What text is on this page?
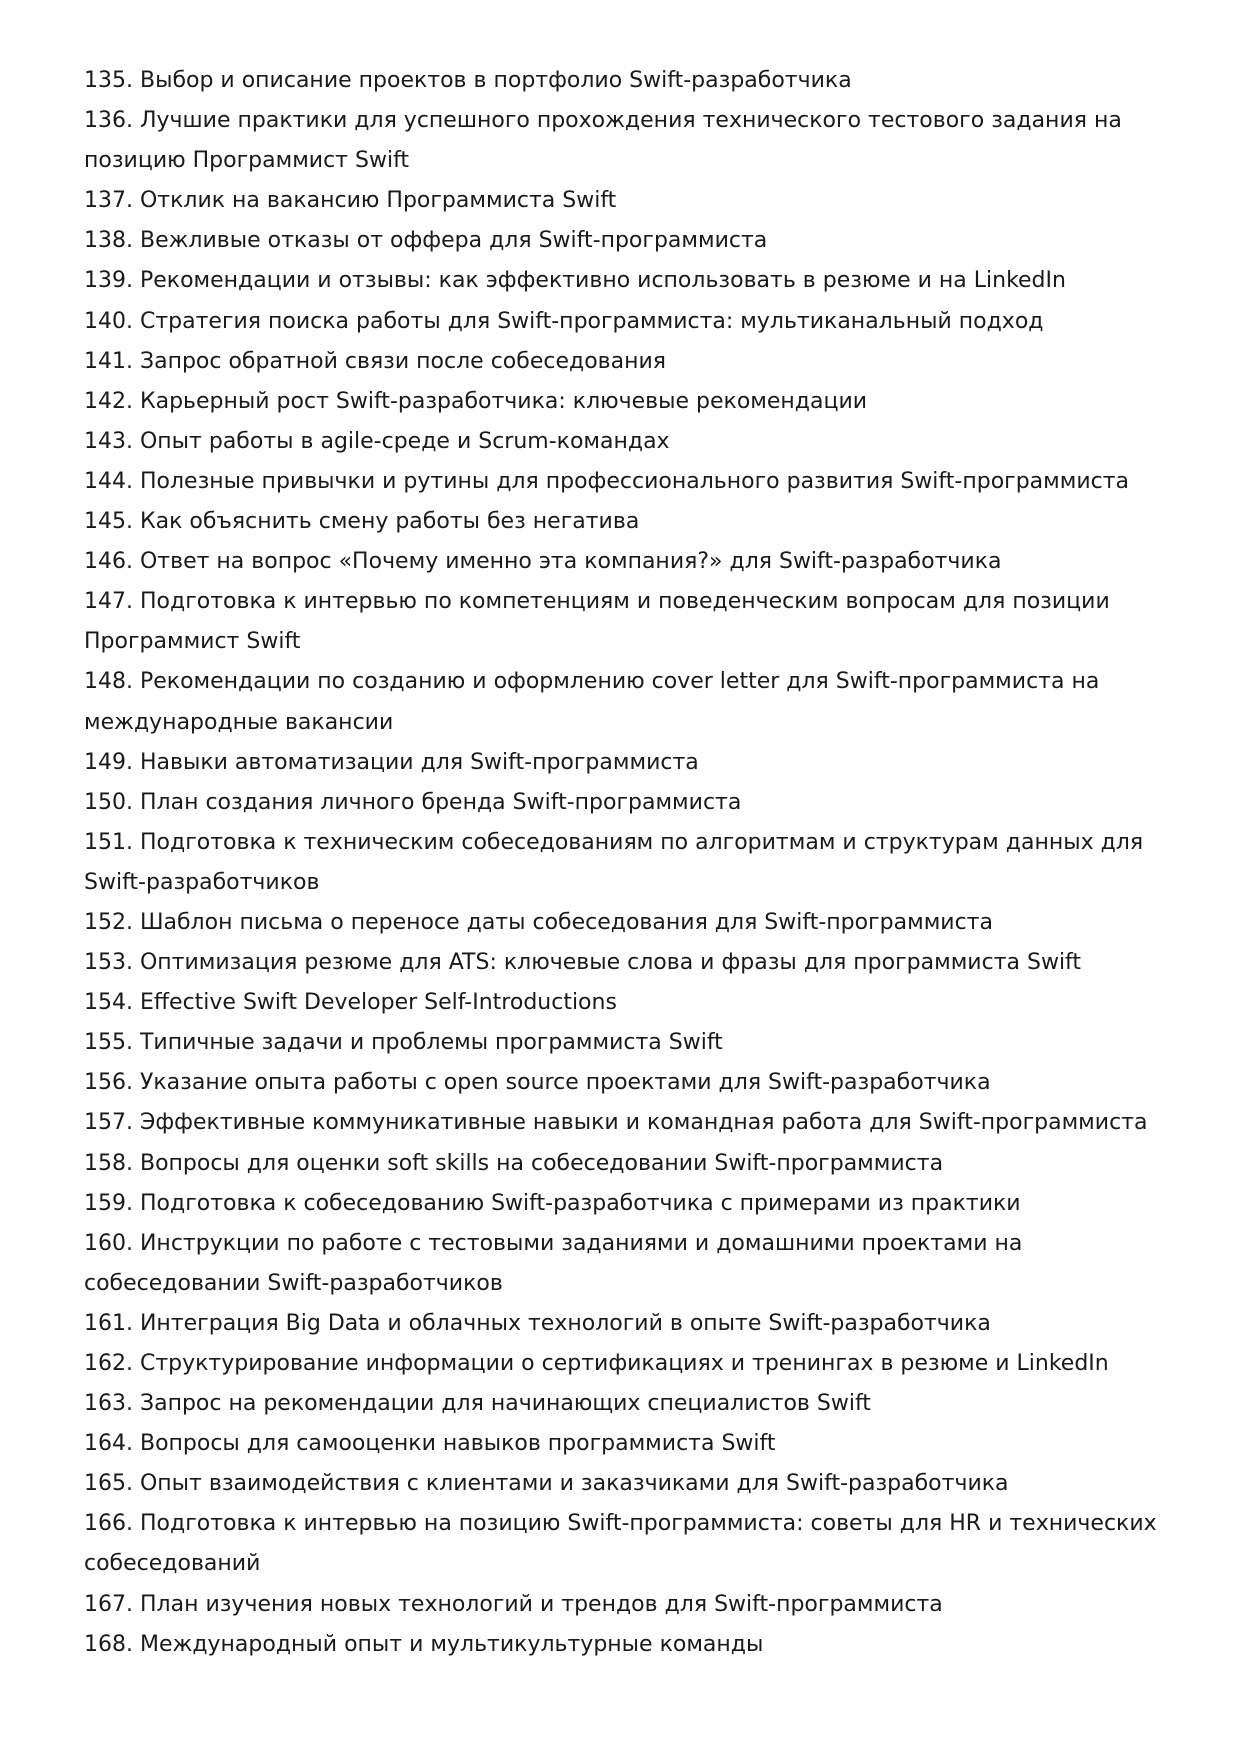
135. Выбор и описание проектов в портфолио Swift-разработчика
136. Лучшие практики для успешного прохождения технического тестового задания на позицию Программист Swift
137. Отклик на вакансию Программиста Swift
138. Вежливые отказы от оффера для Swift-программиста
139. Рекомендации и отзывы: как эффективно использовать в резюме и на LinkedIn
140. Стратегия поиска работы для Swift-программиста: мультиканальный подход
141. Запрос обратной связи после собеседования
142. Карьерный рост Swift-разработчика: ключевые рекомендации
143. Опыт работы в agile-среде и Scrum-командах
144. Полезные привычки и рутины для профессионального развития Swift-программиста
145. Как объяснить смену работы без негатива
146. Ответ на вопрос «Почему именно эта компания?» для Swift-разработчика
147. Подготовка к интервью по компетенциям и поведенческим вопросам для позиции Программист Swift
148. Рекомендации по созданию и оформлению cover letter для Swift-программиста на международные вакансии
149. Навыки автоматизации для Swift-программиста
150. План создания личного бренда Swift-программиста
151. Подготовка к техническим собеседованиям по алгоритмам и структурам данных для Swift-разработчиков
152. Шаблон письма о переносе даты собеседования для Swift-программиста
153. Оптимизация резюме для ATS: ключевые слова и фразы для программиста Swift
154. Effective Swift Developer Self-Introductions
155. Типичные задачи и проблемы программиста Swift
156. Указание опыта работы с open source проектами для Swift-разработчика
157. Эффективные коммуникативные навыки и командная работа для Swift-программиста
158. Вопросы для оценки soft skills на собеседовании Swift-программиста
159. Подготовка к собеседованию Swift-разработчика с примерами из практики
160. Инструкции по работе с тестовыми заданиями и домашними проектами на собеседовании Swift-разработчиков
161. Интеграция Big Data и облачных технологий в опыте Swift-разработчика
162. Структурирование информации о сертификациях и тренингах в резюме и LinkedIn
163. Запрос на рекомендации для начинающих специалистов Swift
164. Вопросы для самооценки навыков программиста Swift
165. Опыт взаимодействия с клиентами и заказчиками для Swift-разработчика
166. Подготовка к интервью на позицию Swift-программиста: советы для HR и технических собеседований
167. План изучения новых технологий и трендов для Swift-программиста
168. Международный опыт и мультикультурные команды
